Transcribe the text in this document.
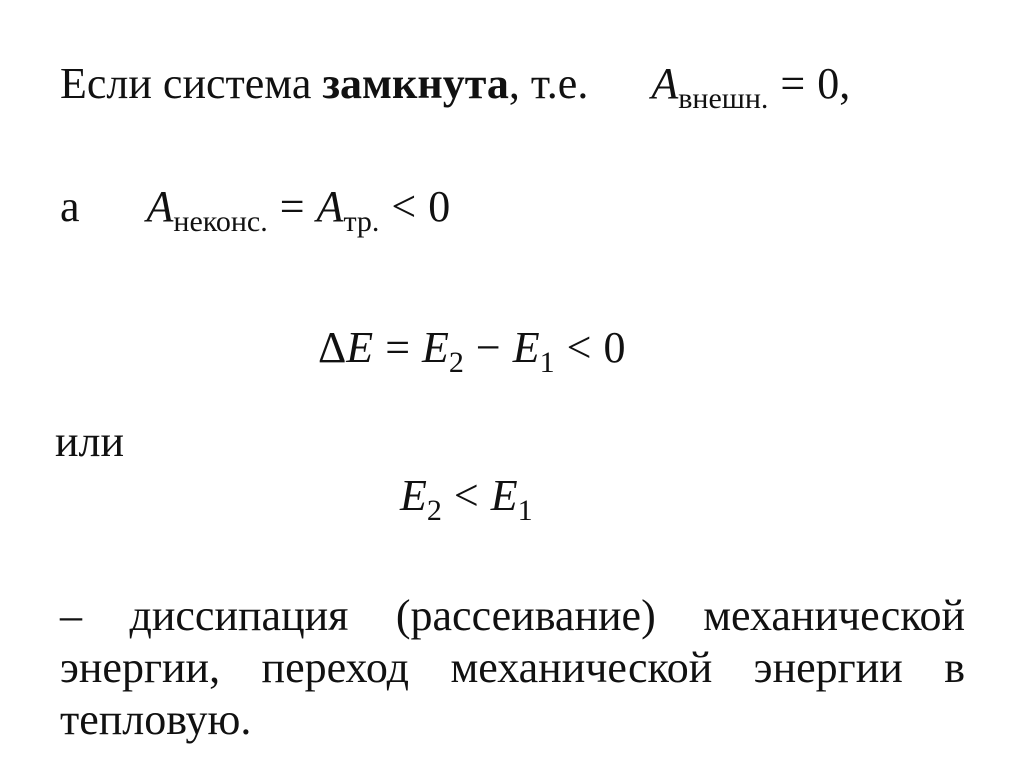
Если система замкнута, т.е. $A_{внешн.} = 0$,
а $A_{неконс.} = A_{тр.} < 0$
$\Delta E = E_2 - E_1 < 0$
или
$E_2 < E_1$
– диссипация (рассеивание) механической энергии, переход механической энергии в тепловую.
